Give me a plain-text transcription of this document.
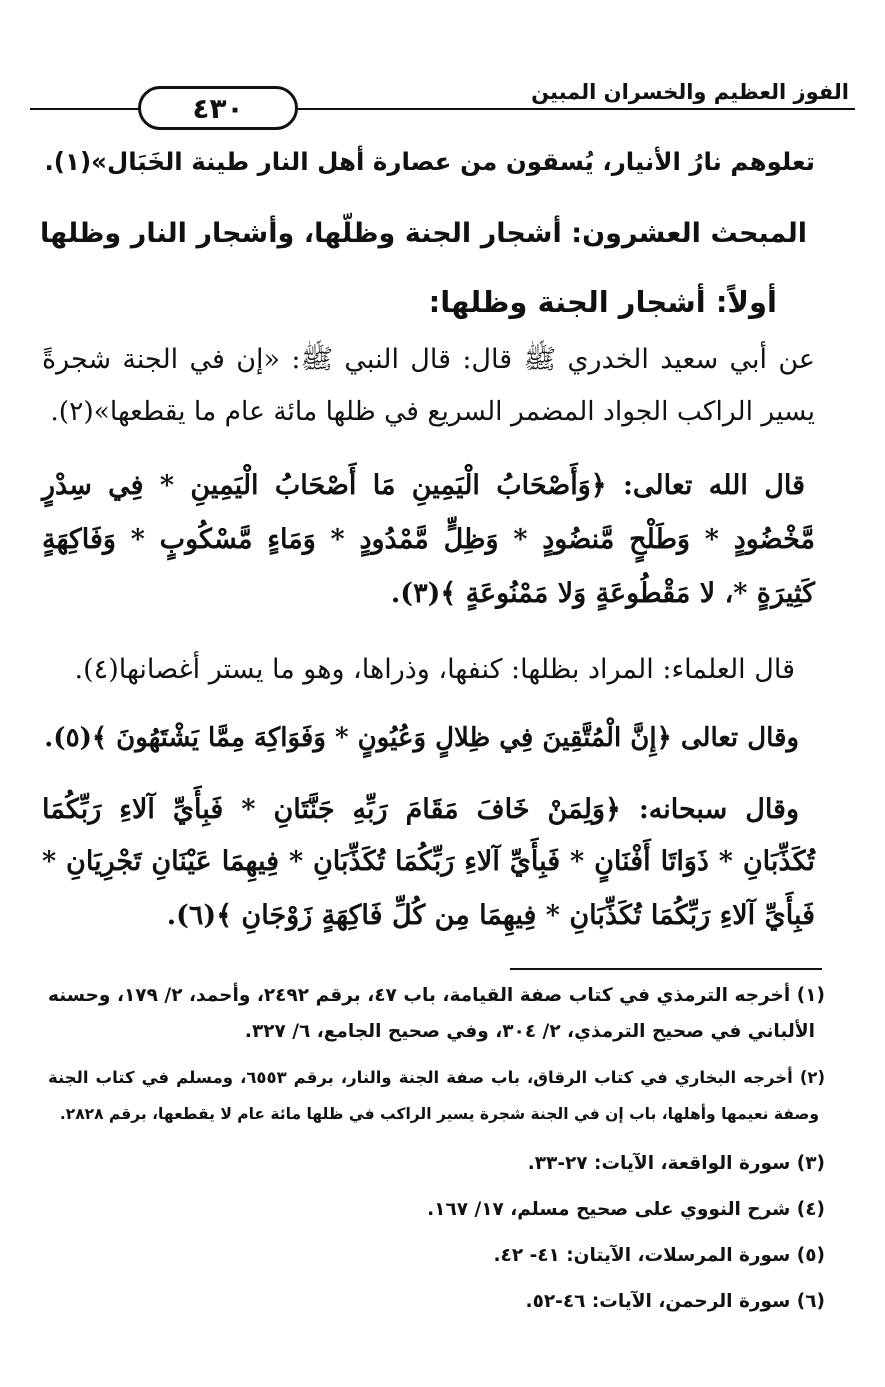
الفوز العظيم والخسران المبين
٤٣٠
تعلوهم نارُ الأنيار، يُسقون من عصارة أهل النار طينة الخَبَال»(١).
المبحث العشرون: أشجار الجنة وظلّها، وأشجار النار وظلها
أولاً: أشجار الجنة وظلها:
عن أبي سعيد الخدري ﷺ قال: قال النبي ﷺ: «إن في الجنة شجرةً
يسير الراكب الجواد المضمر السريع في ظلها مائة عام ما يقطعها»(٢).
قال الله تعالى: ﴿وَأَصْحَابُ الْيَمِينِ مَا أَصْحَابُ الْيَمِينِ * فِي سِدْرٍ
مَّخْضُودٍ * وَطَلْحٍ مَّنضُودٍ * وَظِلٍّ مَّمْدُودٍ * وَمَاءٍ مَّسْكُوبٍ * وَفَاكِهَةٍ
كَثِيرَةٍ *، لا مَقْطُوعَةٍ وَلا مَمْنُوعَةٍ ﴾(٣).
قال العلماء: المراد بظلها: كنفها، وذراها، وهو ما يستر أغصانها(٤).
وقال تعالى ﴿إِنَّ الْمُتَّقِينَ فِي ظِلالٍ وَعُيُونٍ * وَفَوَاكِهَ مِمَّا يَشْتَهُونَ ﴾(٥).
وقال سبحانه: ﴿وَلِمَنْ خَافَ مَقَامَ رَبِّهِ جَنَّتَانِ * فَبِأَيِّ آلاءِ رَبِّكُمَا
تُكَذِّبَانِ * ذَوَاتَا أَفْنَانٍ * فَبِأَيِّ آلاءِ رَبِّكُمَا تُكَذِّبَانِ * فِيهِمَا عَيْنَانِ تَجْرِيَانِ *
فَبِأَيِّ آلاءِ رَبِّكُمَا تُكَذِّبَانِ * فِيهِمَا مِن كُلِّ فَاكِهَةٍ زَوْجَانِ ﴾(٦).
(١) أخرجه الترمذي في كتاب صفة القيامة، باب ٤٧، برقم ٢٤٩٢، وأحمد، ٢/ ١٧٩، وحسنه
الألباني في صحيح الترمذي، ٢/ ٣٠٤، وفي صحيح الجامع، ٦/ ٣٢٧.
(٢) أخرجه البخاري في كتاب الرقاق، باب صفة الجنة والنار، برقم ٦٥٥٣، ومسلم في كتاب الجنة
وصفة نعيمها وأهلها، باب إن في الجنة شجرة يسير الراكب في ظلها مائة عام لا يقطعها، برقم ٢٨٢٨.
(٣) سورة الواقعة، الآيات: ٢٧-٣٣.
(٤) شرح النووي على صحيح مسلم، ١٧/ ١٦٧.
(٥) سورة المرسلات، الآيتان: ٤١- ٤٢.
(٦) سورة الرحمن، الآيات: ٤٦-٥٢.
